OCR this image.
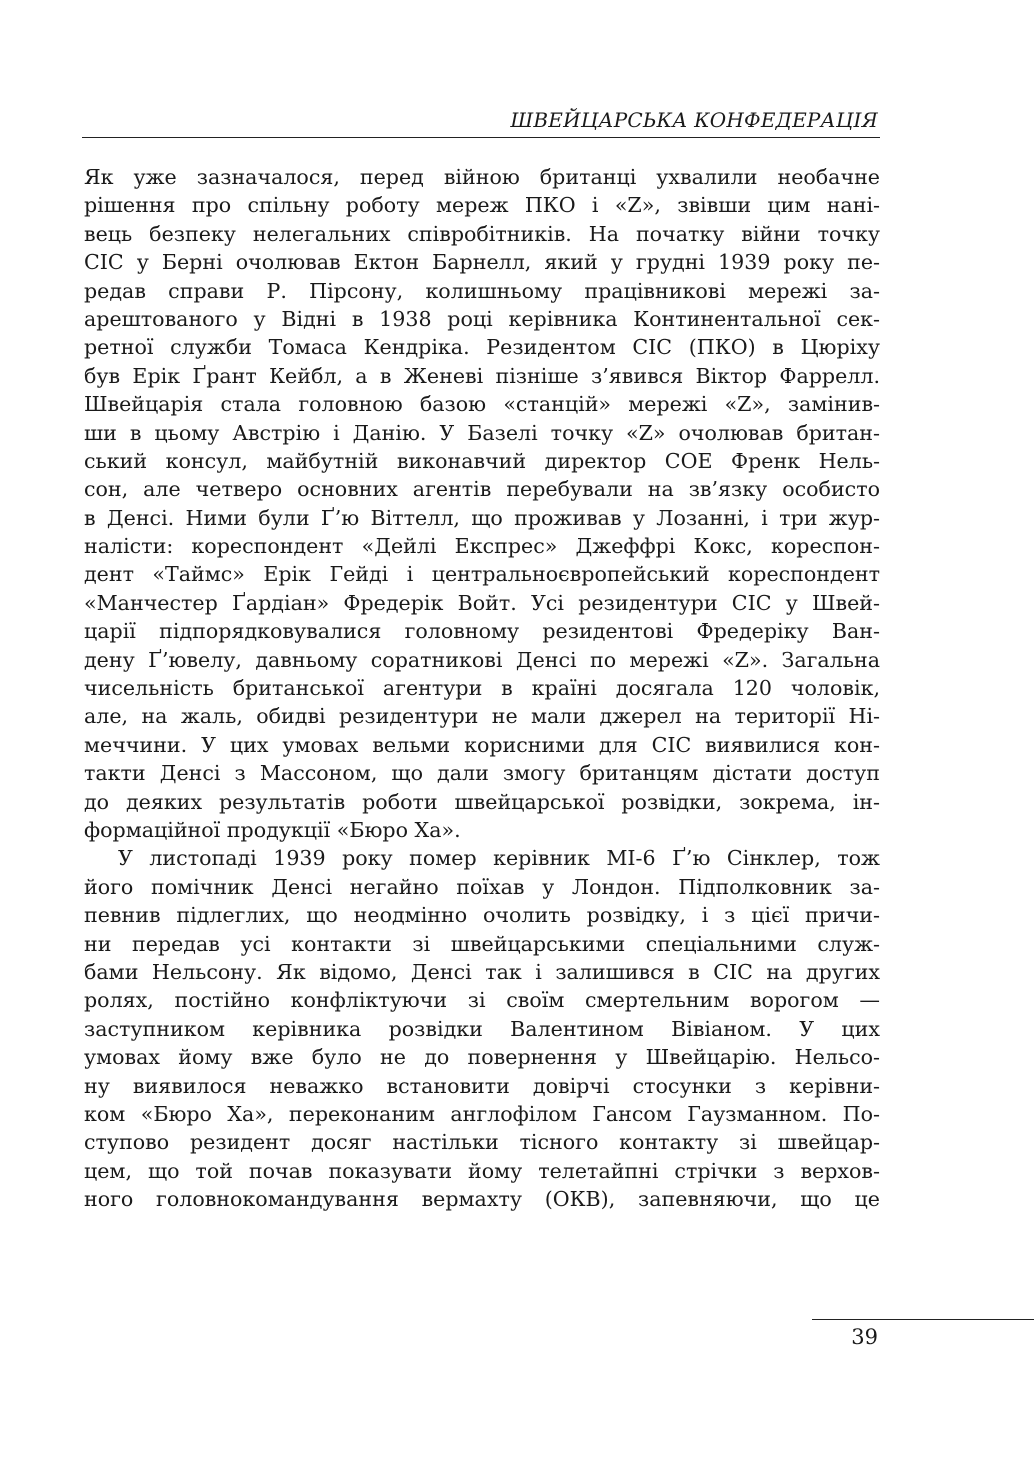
ШВЕЙЦАРСЬКА КОНФЕДЕРАЦІЯ
Як уже зазначалося, перед війною британці ухвалили необачне
рішення про спільну роботу мереж ПКО і «Z», звівши цим нані-
вець безпеку нелегальних співробітників. На початку війни точку
СІС у Берні очолював Ектон Барнелл, який у грудні 1939 року пе-
редав справи Р. Пірсону, колишньому працівникові мережі за-
арештованого у Відні в 1938 році керівника Континентальної сек-
ретної служби Томаса Кендріка. Резидентом СІС (ПКО) в Цюріху
був Ерік Ґрант Кейбл, а в Женеві пізніше з’явився Віктор Фаррелл.
Швейцарія стала головною базою «станцій» мережі «Z», замінив-
ши в цьому Австрію і Данію. У Базелі точку «Z» очолював британ-
ський консул, майбутній виконавчий директор СОЕ Френк Нель-
сон, але четверо основних агентів перебували на зв’язку особисто
в Денсі. Ними були Ґ’ю Віттелл, що проживав у Лозанні, і три жур-
налісти: кореспондент «Дейлі Експрес» Джеффрі Кокс, кореспон-
дент «Таймс» Ерік Гейді і центральноєвропейський кореспондент
«Манчестер Ґардіан» Фредерік Войт. Усі резидентури СІС у Швей-
царії підпорядковувалися головному резидентові Фредеріку Ван-
дену Ґ’ювелу, давньому соратникові Денсі по мережі «Z». Загальна
чисельність британської агентури в країні досягала 120 чоловік,
але, на жаль, обидві резидентури не мали джерел на території Ні-
меччини. У цих умовах вельми корисними для СІС виявилися кон-
такти Денсі з Массоном, що дали змогу британцям дістати доступ
до деяких результатів роботи швейцарської розвідки, зокрема, ін-
формаційної продукції «Бюро Ха».
У листопаді 1939 року помер керівник МІ-6 Ґ’ю Сінклер, тож
його помічник Денсі негайно поїхав у Лондон. Підполковник за-
певнив підлеглих, що неодмінно очолить розвідку, і з цієї причи-
ни передав усі контакти зі швейцарськими спеціальними служ-
бами Нельсону. Як відомо, Денсі так і залишився в СІС на других
ролях, постійно конфліктуючи зі своїм смертельним ворогом —
заступником керівника розвідки Валентином Вівіаном. У цих
умовах йому вже було не до повернення у Швейцарію. Нельсо-
ну виявилося неважко встановити довірчі стосунки з керівни-
ком «Бюро Ха», переконаним англофілом Гансом Гаузманном. По-
ступово резидент досяг настільки тісного контакту зі швейцар-
цем, що той почав показувати йому телетайпні стрічки з верхов-
ного головнокомандування вермахту (ОКВ), запевняючи, що це
39
